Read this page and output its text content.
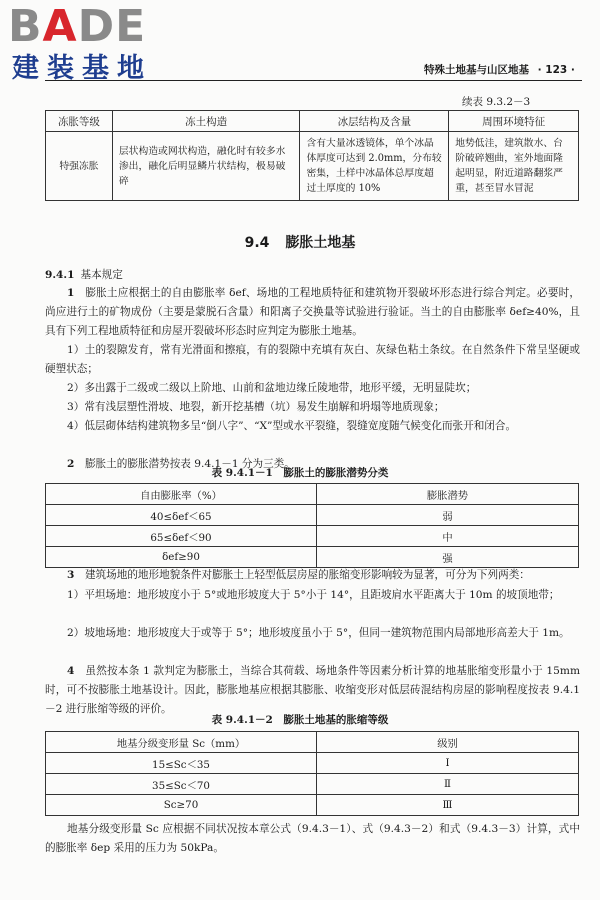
BADE
建装基地	特殊土地基与山区地基 · 123 ·
续表 9.3.2－3
冻胀等级	冻土构造	冰层结构及含量	周围环境特征
特强冻胀	层状构造或网状构造，融化时有较多水渗出，融化后明显鳞片状结构，极易破碎	含有大量冰透镜体，单个冰晶体厚度可达到 2.0mm，分布较密集，土样中冰晶体总厚度超过土厚度的 10%	地势低洼，建筑散水、台阶破碎翘曲，室外地面隆起明显，附近道路翻浆严重，甚至冒水冒泥
9.4 膨胀土地基
9.4.1 基本规定
1　 膨胀土应根据土的自由膨胀率 δef、场地的工程地质特征和建筑物开裂破坏形态进行综合判定。必要时，尚应进行土的矿物成份（主要是蒙脱石含量）和阳离子交换量等试验进行验证。当土的自由膨胀率 δef≥40%，且具有下列工程地质特征和房屋开裂破坏形态时应判定为膨胀土地基。
1）土的裂隙发育，常有光滑面和擦痕，有的裂隙中充填有灰白、灰绿色粘土条纹。在自然条件下常呈坚硬或硬塑状态；
2）多出露于二级或二级以上阶地、山前和盆地边缘丘陵地带，地形平缓，无明显陡坎；
3）常有浅层塑性滑坡、地裂，新开挖基槽（坑）易发生崩解和坍塌等地质现象；
4）低层砌体结构建筑物多呈“倒八字”、“X”型或水平裂缝，裂缝宽度随气候变化而张开和闭合。
2　 膨胀土的膨胀潜势按表 9.4.1－1 分为三类。
表 9.4.1－1　膨胀土的膨胀潜势分类
自由膨胀率（%）	膨胀潜势
40≤δef＜65	弱
65≤δef＜90	中
δef≥90	强
3　 建筑场地的地形地貌条件对膨胀土上轻型低层房屋的胀缩变形影响较为显著，可分为下列两类：
1）平坦场地：地形坡度小于 5°或地形坡度大于 5°小于 14°，且距坡肩水平距离大于 10m 的坡顶地带；
2）坡地场地：地形坡度大于或等于 5°；地形坡度虽小于 5°，但同一建筑物范围内局部地形高差大于 1m。
4　 虽然按本条 1 款判定为膨胀土，当综合其荷载、场地条件等因素分析计算的地基胀缩变形量小于 15mm 时，可不按膨胀土地基设计。因此，膨胀地基应根据其膨胀、收缩变形对低层砖混结构房屋的影响程度按表 9.4.1－2 进行胀缩等级的评价。
表 9.4.1－2　膨胀土地基的胀缩等级
地基分级变形量 Sc（mm）	级别
15≤Sc＜35	Ⅰ
35≤Sc＜70	Ⅱ
Sc≥70	Ⅲ
地基分级变形量 Sc 应根据不同状况按本章公式（9.4.3－1）、式（9.4.3－2）和式（9.4.3－3）计算，式中的膨胀率 δep 采用的压力为 50kPa。
